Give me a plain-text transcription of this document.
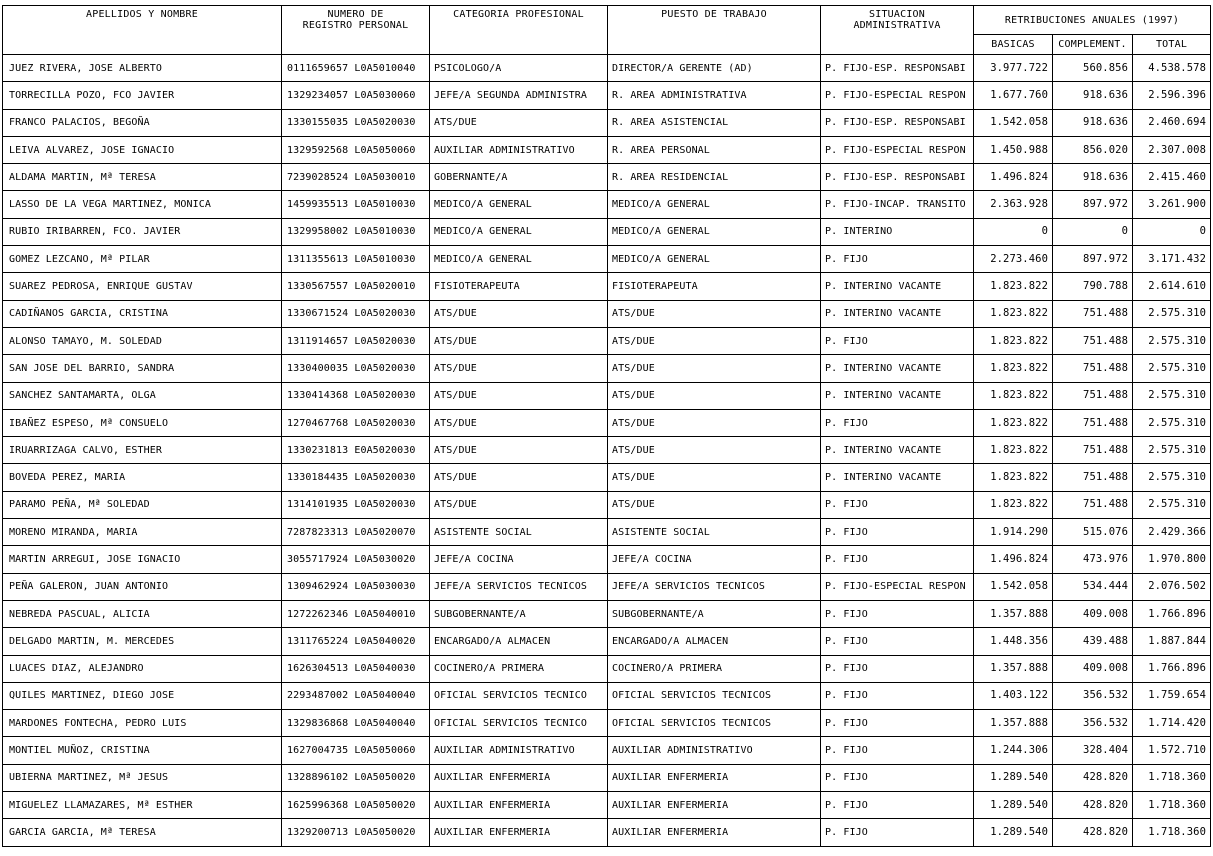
APELLIDOS Y NOMBRE	NUMERO DE REGISTRO PERSONAL	CATEGORIA PROFESIONAL	PUESTO DE TRABAJO	SITUACION ADMINISTRATIVA	RETRIBUCIONES ANUALES (1997)		
					BASICAS	COMPLEMENT.	TOTAL
JUEZ RIVERA, JOSE ALBERTO	0111659657 L0A5010040	PSICOLOGO/A	DIRECTOR/A GERENTE (AD)	P. FIJO-ESP. RESPONSABI	3.977.722	560.856	4.538.578
TORRECILLA POZO, FCO JAVIER	1329234057 L0A5030060	JEFE/A SEGUNDA ADMINISTRA	R. AREA ADMINISTRATIVA	P. FIJO-ESPECIAL RESPON	1.677.760	918.636	2.596.396
FRANCO PALACIOS, BEGOÑA	1330155035 L0A5020030	ATS/DUE	R. AREA ASISTENCIAL	P. FIJO-ESP. RESPONSABI	1.542.058	918.636	2.460.694
LEIVA ALVAREZ, JOSE IGNACIO	1329592568 L0A5050060	AUXILIAR ADMINISTRATIVO	R. AREA PERSONAL	P. FIJO-ESPECIAL RESPON	1.450.988	856.020	2.307.008
ALDAMA MARTIN, Mª TERESA	7239028524 L0A5030010	GOBERNANTE/A	R. AREA RESIDENCIAL	P. FIJO-ESP. RESPONSABI	1.496.824	918.636	2.415.460
LASSO DE LA VEGA MARTINEZ, MONICA	1459935513 L0A5010030	MEDICO/A GENERAL	MEDICO/A GENERAL	P. FIJO-INCAP. TRANSITO	2.363.928	897.972	3.261.900
RUBIO IRIBARREN, FCO. JAVIER	1329958002 L0A5010030	MEDICO/A GENERAL	MEDICO/A GENERAL	P. INTERINO	0	0	0
GOMEZ LEZCANO, Mª PILAR	1311355613 L0A5010030	MEDICO/A GENERAL	MEDICO/A GENERAL	P. FIJO	2.273.460	897.972	3.171.432
SUAREZ PEDROSA, ENRIQUE GUSTAV	1330567557 L0A5020010	FISIOTERAPEUTA	FISIOTERAPEUTA	P. INTERINO VACANTE	1.823.822	790.788	2.614.610
CADIÑANOS GARCIA, CRISTINA	1330671524 L0A5020030	ATS/DUE	ATS/DUE	P. INTERINO VACANTE	1.823.822	751.488	2.575.310
ALONSO TAMAYO, M. SOLEDAD	1311914657 L0A5020030	ATS/DUE	ATS/DUE	P. FIJO	1.823.822	751.488	2.575.310
SAN JOSE DEL BARRIO, SANDRA	1330400035 L0A5020030	ATS/DUE	ATS/DUE	P. INTERINO VACANTE	1.823.822	751.488	2.575.310
SANCHEZ SANTAMARTA, OLGA	1330414368 L0A5020030	ATS/DUE	ATS/DUE	P. INTERINO VACANTE	1.823.822	751.488	2.575.310
IBAÑEZ ESPESO, Mª CONSUELO	1270467768 L0A5020030	ATS/DUE	ATS/DUE	P. FIJO	1.823.822	751.488	2.575.310
IRUARRIZAGA CALVO, ESTHER	1330231813 E0A5020030	ATS/DUE	ATS/DUE	P. INTERINO VACANTE	1.823.822	751.488	2.575.310
BOVEDA PEREZ, MARIA	1330184435 L0A5020030	ATS/DUE	ATS/DUE	P. INTERINO VACANTE	1.823.822	751.488	2.575.310
PARAMO PEÑA, Mª SOLEDAD	1314101935 L0A5020030	ATS/DUE	ATS/DUE	P. FIJO	1.823.822	751.488	2.575.310
MORENO MIRANDA, MARIA	7287823313 L0A5020070	ASISTENTE SOCIAL	ASISTENTE SOCIAL	P. FIJO	1.914.290	515.076	2.429.366
MARTIN ARREGUI, JOSE IGNACIO	3055717924 L0A5030020	JEFE/A COCINA	JEFE/A COCINA	P. FIJO	1.496.824	473.976	1.970.800
PEÑA GALERON, JUAN ANTONIO	1309462924 L0A5030030	JEFE/A SERVICIOS TECNICOS	JEFE/A SERVICIOS TECNICOS	P. FIJO-ESPECIAL RESPON	1.542.058	534.444	2.076.502
NEBREDA PASCUAL, ALICIA	1272262346 L0A5040010	SUBGOBERNANTE/A	SUBGOBERNANTE/A	P. FIJO	1.357.888	409.008	1.766.896
DELGADO MARTIN, M. MERCEDES	1311765224 L0A5040020	ENCARGADO/A ALMACEN	ENCARGADO/A ALMACEN	P. FIJO	1.448.356	439.488	1.887.844
LUACES DIAZ, ALEJANDRO	1626304513 L0A5040030	COCINERO/A PRIMERA	COCINERO/A PRIMERA	P. FIJO	1.357.888	409.008	1.766.896
QUILES MARTINEZ, DIEGO JOSE	2293487002 L0A5040040	OFICIAL SERVICIOS TECNICO	OFICIAL SERVICIOS TECNICOS	P. FIJO	1.403.122	356.532	1.759.654
MARDONES FONTECHA, PEDRO LUIS	1329836868 L0A5040040	OFICIAL SERVICIOS TECNICO	OFICIAL SERVICIOS TECNICOS	P. FIJO	1.357.888	356.532	1.714.420
MONTIEL MUÑOZ, CRISTINA	1627004735 L0A5050060	AUXILIAR ADMINISTRATIVO	AUXILIAR ADMINISTRATIVO	P. FIJO	1.244.306	328.404	1.572.710
UBIERNA MARTINEZ, Mª JESUS	1328896102 L0A5050020	AUXILIAR ENFERMERIA	AUXILIAR ENFERMERIA	P. FIJO	1.289.540	428.820	1.718.360
MIGUELEZ LLAMAZARES, Mª ESTHER	1625996368 L0A5050020	AUXILIAR ENFERMERIA	AUXILIAR ENFERMERIA	P. FIJO	1.289.540	428.820	1.718.360
GARCIA GARCIA, Mª TERESA	1329200713 L0A5050020	AUXILIAR ENFERMERIA	AUXILIAR ENFERMERIA	P. FIJO	1.289.540	428.820	1.718.360
